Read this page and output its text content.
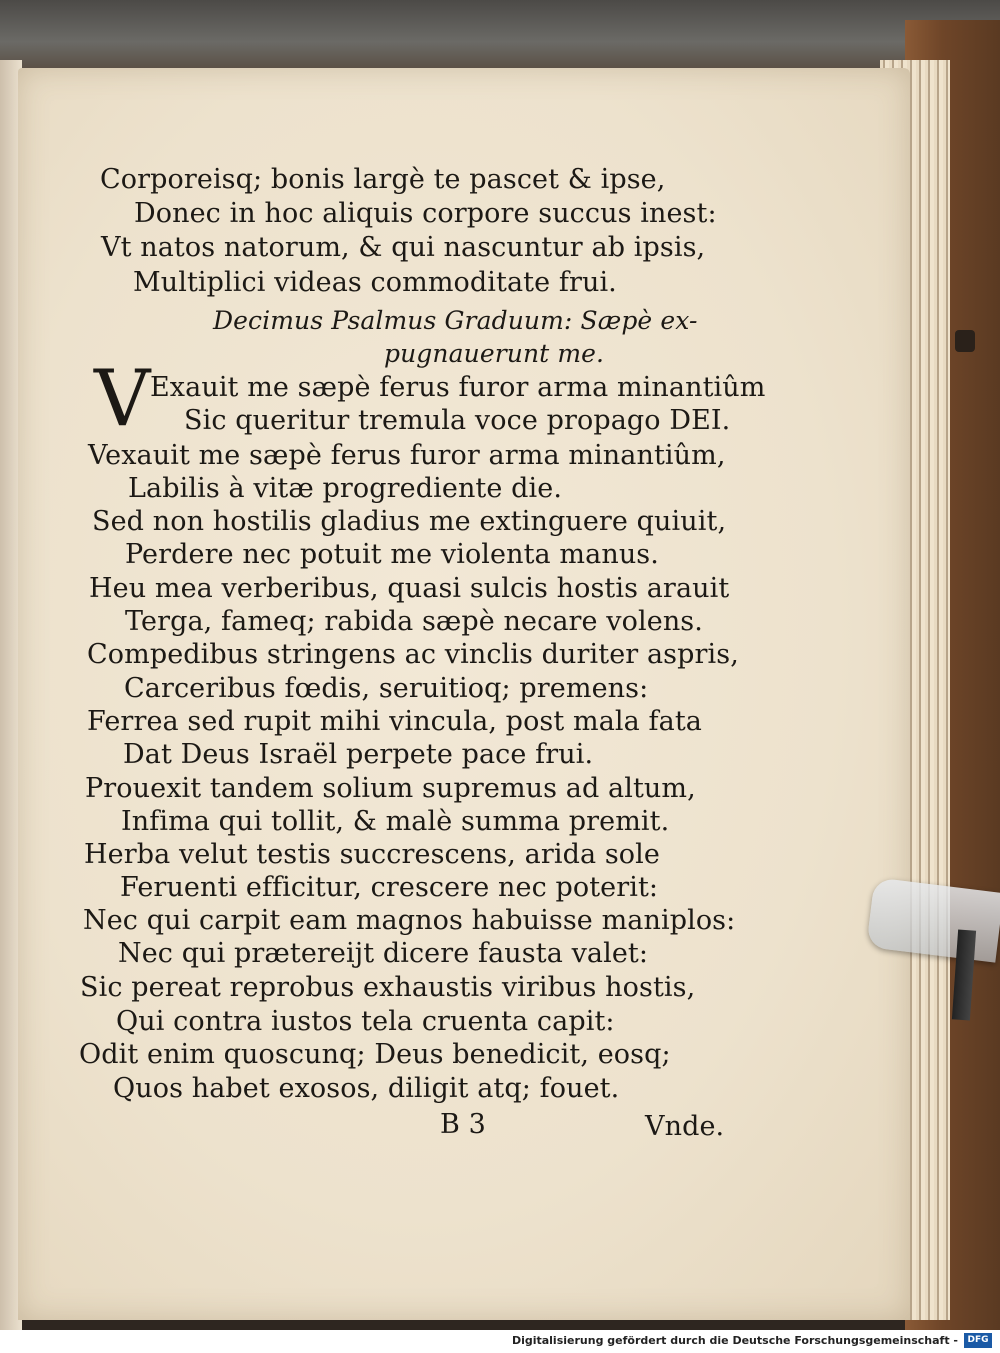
Corporeisq; bonis largè te pascet & ipse,
Donec in hoc aliquis corpore succus inest:
Vt natos natorum, & qui nascuntur ab ipsis,
Multiplici videas commoditate frui.
Decimus Psalmus Graduum: Sæpè ex-
pugnauerunt me.
V Exauit me sæpè ferus furor arma minantiûm
Sic queritur tremula voce propago DEI.
Vexauit me sæpè ferus furor arma minantiûm,
Labilis à vitæ progrediente die.
Sed non hostilis gladius me extinguere quiuit,
Perdere nec potuit me violenta manus.
Heu mea verberibus, quasi sulcis hostis arauit
Terga, fameq; rabida sæpè necare volens.
Compedibus stringens ac vinclis duriter aspris,
Carceribus fœdis, seruitioq; premens:
Ferrea sed rupit mihi vincula, post mala fata
Dat Deus Israël perpete pace frui.
Prouexit tandem solium supremus ad altum,
Infima qui tollit, & malè summa premit.
Herba velut testis succrescens, arida sole
Feruenti efficitur, crescere nec poterit:
Nec qui carpit eam magnos habuisse maniplos:
Nec qui prætereijt dicere fausta valet:
Sic pereat reprobus exhaustis viribus hostis,
Qui contra iustos tela cruenta capit:
Odit enim quoscunq; Deus benedicit, eosq;
Quos habet exosos, diligit atq; fouet.
B 3	Vnde.
Digitalisierung gefördert durch die Deutsche Forschungsgemeinschaft -	DFG
